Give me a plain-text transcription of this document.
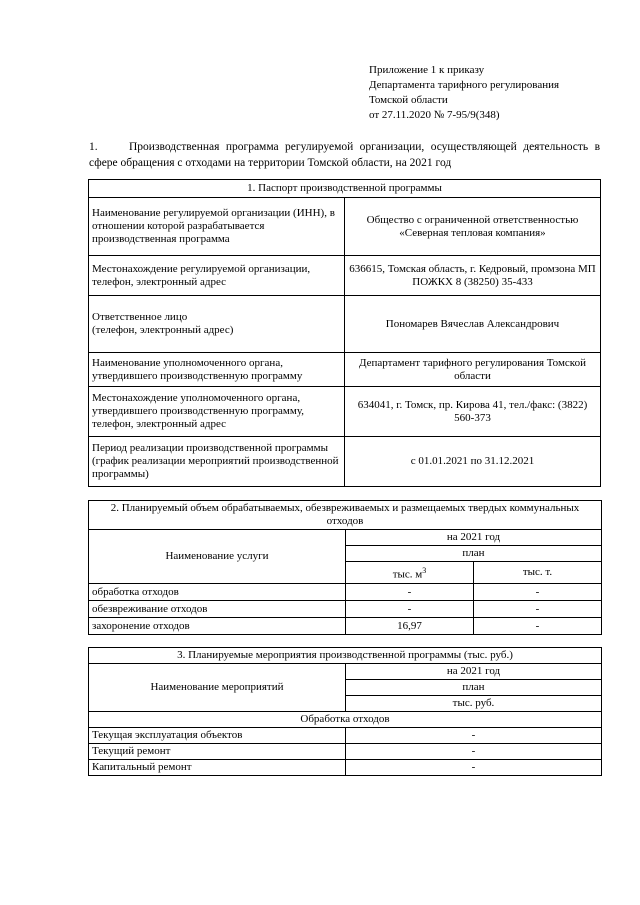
Приложение 1 к приказу
Департамента тарифного регулирования
Томской области
от 27.11.2020 № 7-95/9(348)
1.	Производственная программа регулируемой организации, осуществляющей деятельность в сфере обращения с отходами на территории Томской области, на 2021 год
1. Паспорт производственной программы	
Наименование регулируемой организации (ИНН), в отношении которой разрабатывается производственная программа	Общество с ограниченной ответственностью «Северная тепловая компания»
Местонахождение регулируемой организации, телефон, электронный адрес	636615, Томская область, г. Кедровый, промзона МП ПОЖКХ 8 (38250) 35-433
Ответственное лицо
(телефон, электронный адрес)	Пономарев Вячеслав Александрович
Наименование уполномоченного органа, утвердившего производственную программу	Департамент тарифного регулирования Томской области
Местонахождение уполномоченного органа, утвердившего производственную программу, телефон, электронный адрес	634041, г. Томск, пр. Кирова 41, тел./факс: (3822) 560-373
Период реализации производственной программы (график реализации мероприятий производственной программы)	с 01.01.2021 по 31.12.2021
2. Планируемый объем обрабатываемых, обезвреживаемых и размещаемых твердых коммунальных отходов		
Наименование услуги	на 2021 год	
	план	
	тыс. $м^3$	тыс. т.
обработка отходов	-	-
обезвреживание отходов	-	-
захоронение отходов	16,97	-
3. Планируемые мероприятия производственной программы (тыс. руб.)	
Наименование мероприятий	на 2021 год
	план
	тыс. руб.
Обработка отходов	
Текущая эксплуатация объектов	-
Текущий ремонт	-
Капитальный ремонт	-
